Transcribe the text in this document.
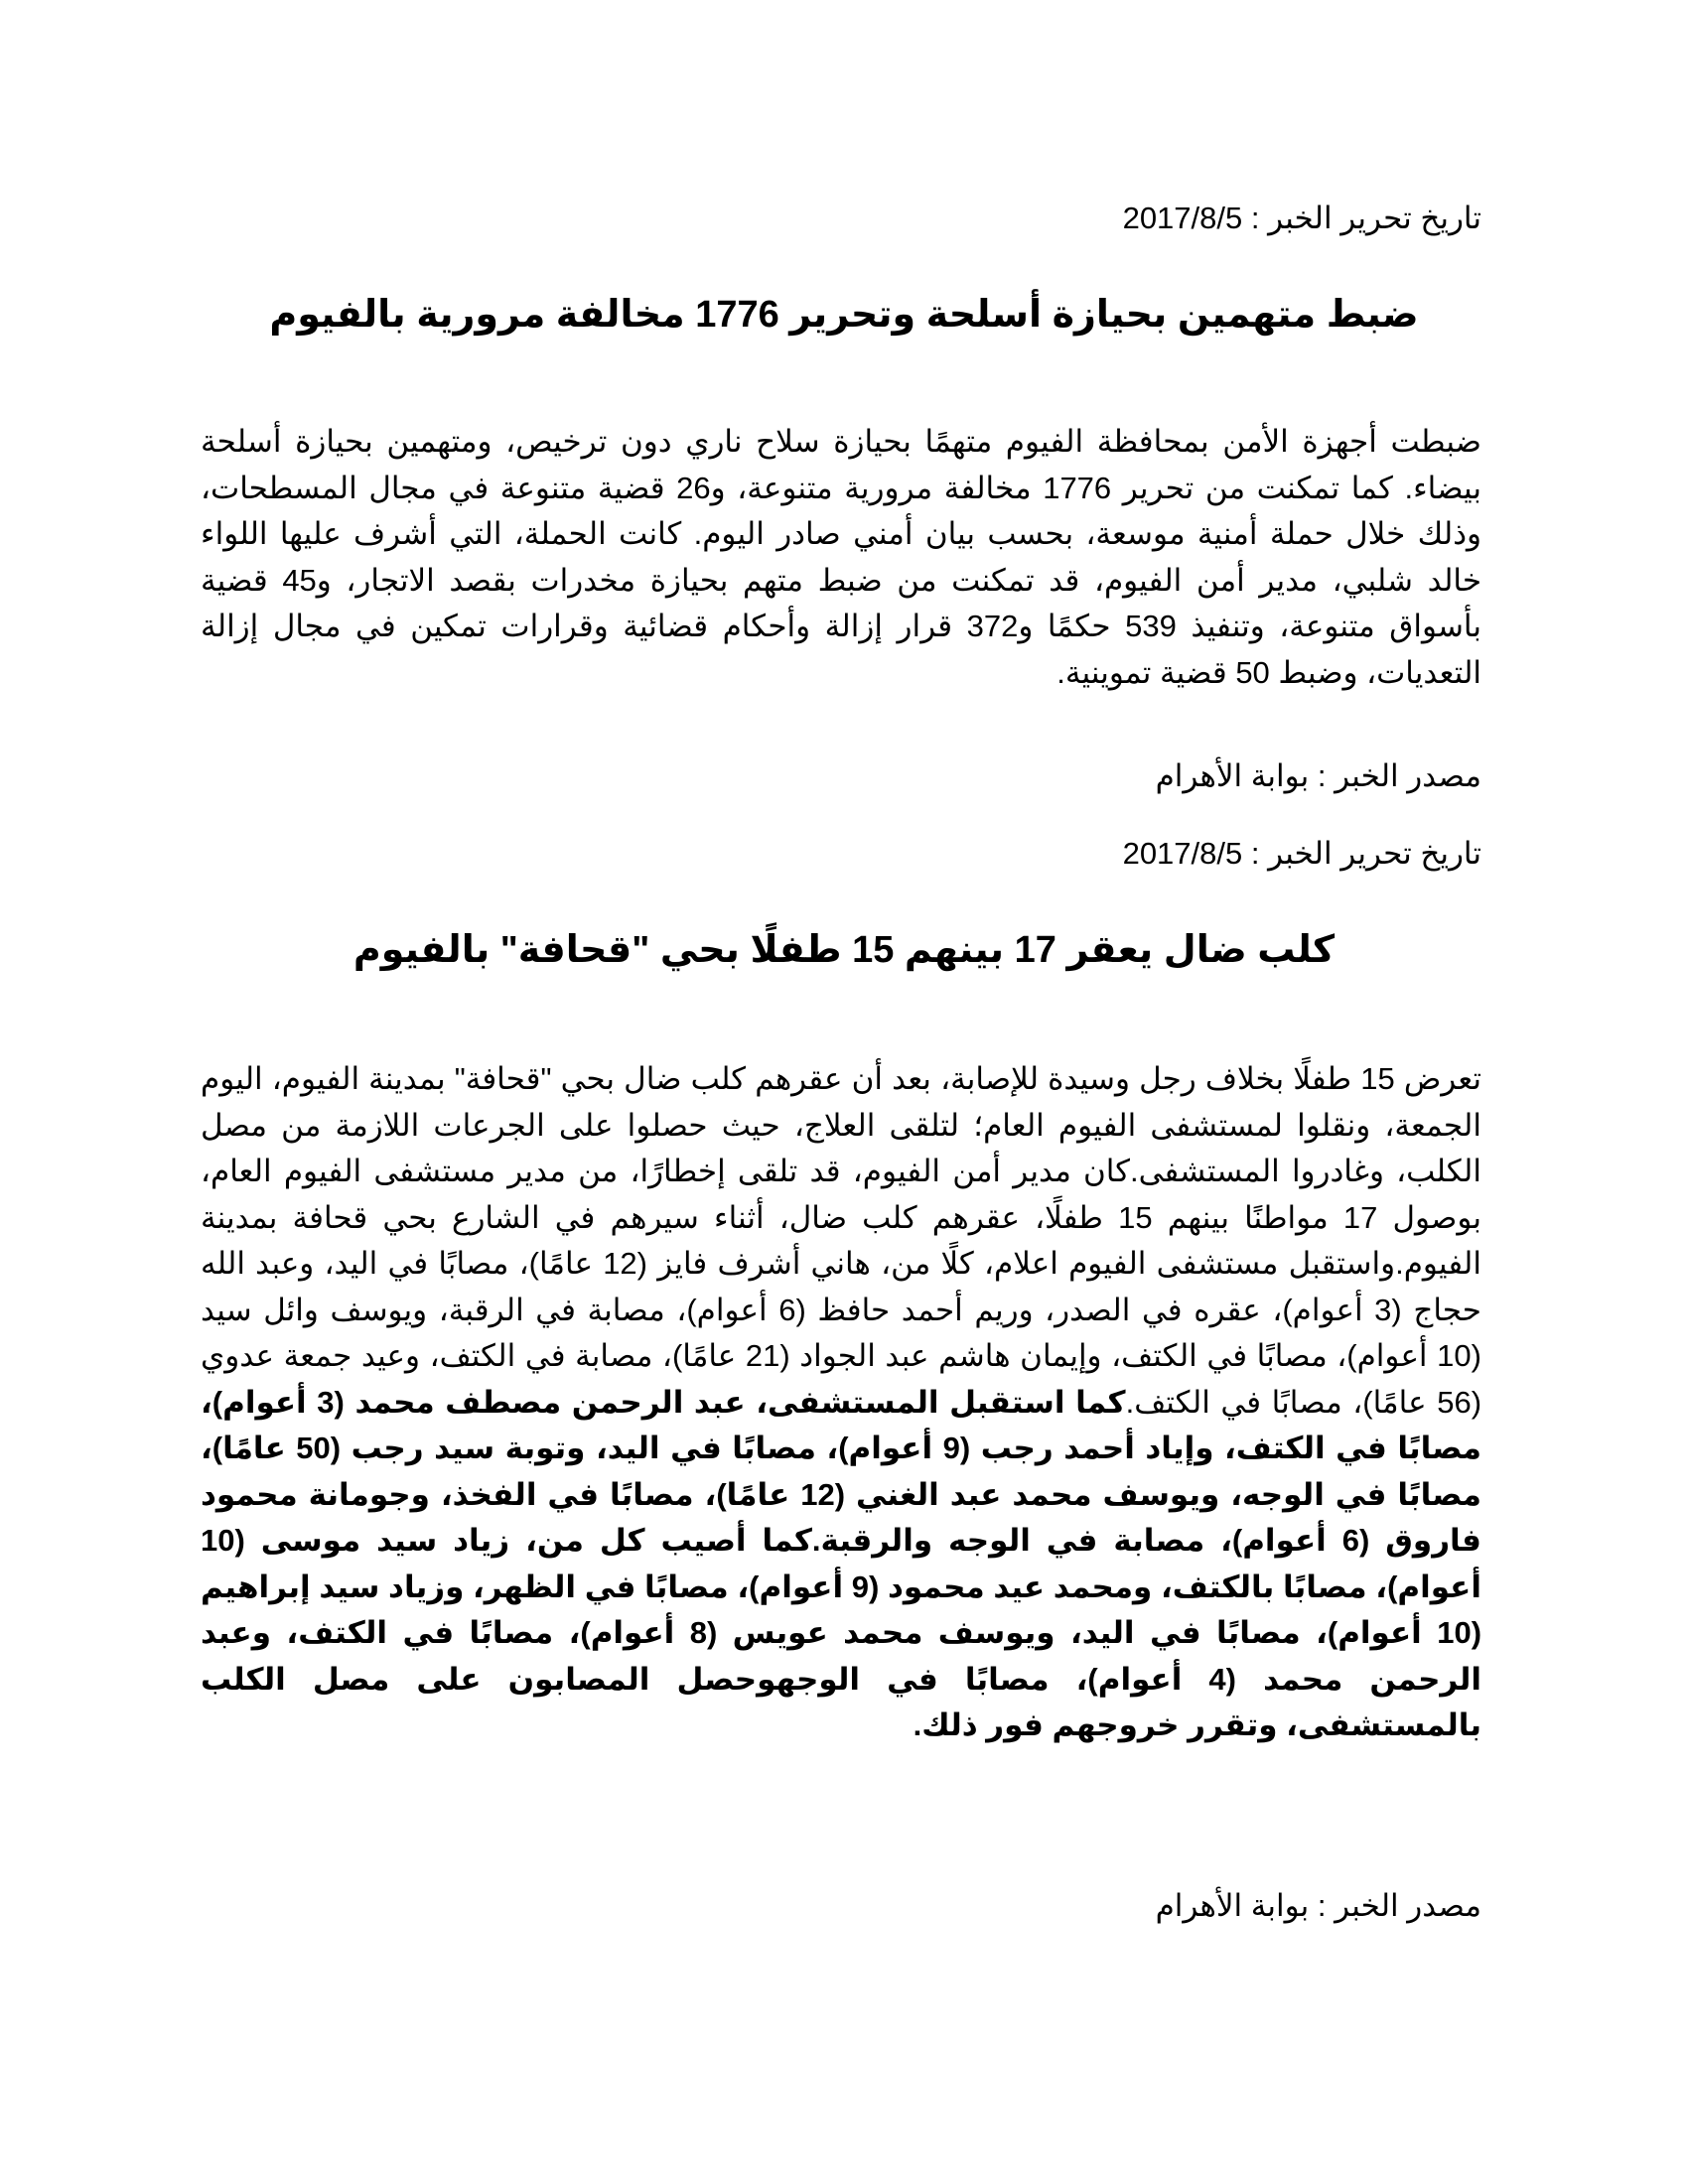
تاريخ تحرير الخبر : 2017/8/5

ضبط متهمين بحيازة أسلحة وتحرير 1776 مخالفة مرورية بالفيوم

ضبطت أجهزة الأمن بمحافظة الفيوم متهمًا بحيازة سلاح ناري دون ترخيص، ومتهمين بحيازة أسلحة بيضاء. كما تمكنت من تحرير 1776 مخالفة مرورية متنوعة، و26 قضية متنوعة في مجال المسطحات، وذلك خلال حملة أمنية موسعة، بحسب بيان أمني صادر اليوم. كانت الحملة، التي أشرف عليها اللواء خالد شلبي، مدير أمن الفيوم، قد تمكنت من ضبط متهم بحيازة مخدرات بقصد الاتجار، و45 قضية بأسواق متنوعة، وتنفيذ 539 حكمًا و372 قرار إزالة وأحكام قضائية وقرارات تمكين في مجال إزالة التعديات، وضبط 50 قضية تموينية.

مصدر الخبر : بوابة الأهرام

تاريخ تحرير الخبر : 2017/8/5

كلب ضال يعقر 17 بينهم 15 طفلًا بحي "قحافة" بالفيوم

تعرض 15 طفلًا بخلاف رجل وسيدة للإصابة، بعد أن عقرهم كلب ضال بحي "قحافة" بمدينة الفيوم، اليوم الجمعة، ونقلوا لمستشفى الفيوم العام؛ لتلقى العلاج، حيث حصلوا على الجرعات اللازمة من مصل الكلب، وغادروا المستشفى.كان مدير أمن الفيوم، قد تلقى إخطارًا، من مدير مستشفى الفيوم العام، بوصول 17 مواطنًا بينهم 15 طفلًا، عقرهم كلب ضال، أثناء سيرهم في الشارع بحي قحافة بمدينة الفيوم.واستقبل مستشفى الفيوم اعلام، كلًا من، هاني أشرف فايز (12 عامًا)، مصابًا في اليد، وعبد الله حجاج (3 أعوام)، عقره في الصدر، وريم أحمد حافظ (6 أعوام)، مصابة في الرقبة، ويوسف وائل سيد (10 أعوام)، مصابًا في الكتف، وإيمان هاشم عبد الجواد (21 عامًا)، مصابة في الكتف، وعيد جمعة عدوي (56 عامًا)، مصابًا في الكتف.كما استقبل المستشفى، عبد الرحمن مصطف محمد (3 أعوام)، مصابًا في الكتف، وإياد أحمد رجب (9 أعوام)، مصابًا في اليد، وتوبة سيد رجب (50 عامًا)، مصابًا في الوجه، ويوسف محمد عبد الغني (12 عامًا)، مصابًا في الفخذ، وجومانة محمود فاروق (6 أعوام)، مصابة في الوجه والرقبة.كما أصيب كل من، زياد سيد موسى (10 أعوام)، مصابًا بالكتف، ومحمد عيد محمود (9 أعوام)، مصابًا في الظهر، وزياد سيد إبراهيم (10 أعوام)، مصابًا في اليد، ويوسف محمد عويس (8 أعوام)، مصابًا في الكتف، وعبد الرحمن محمد (4 أعوام)، مصابًا في الوجهوحصل المصابون على مصل الكلب بالمستشفى، وتقرر خروجهم فور ذلك.

مصدر الخبر : بوابة الأهرام
